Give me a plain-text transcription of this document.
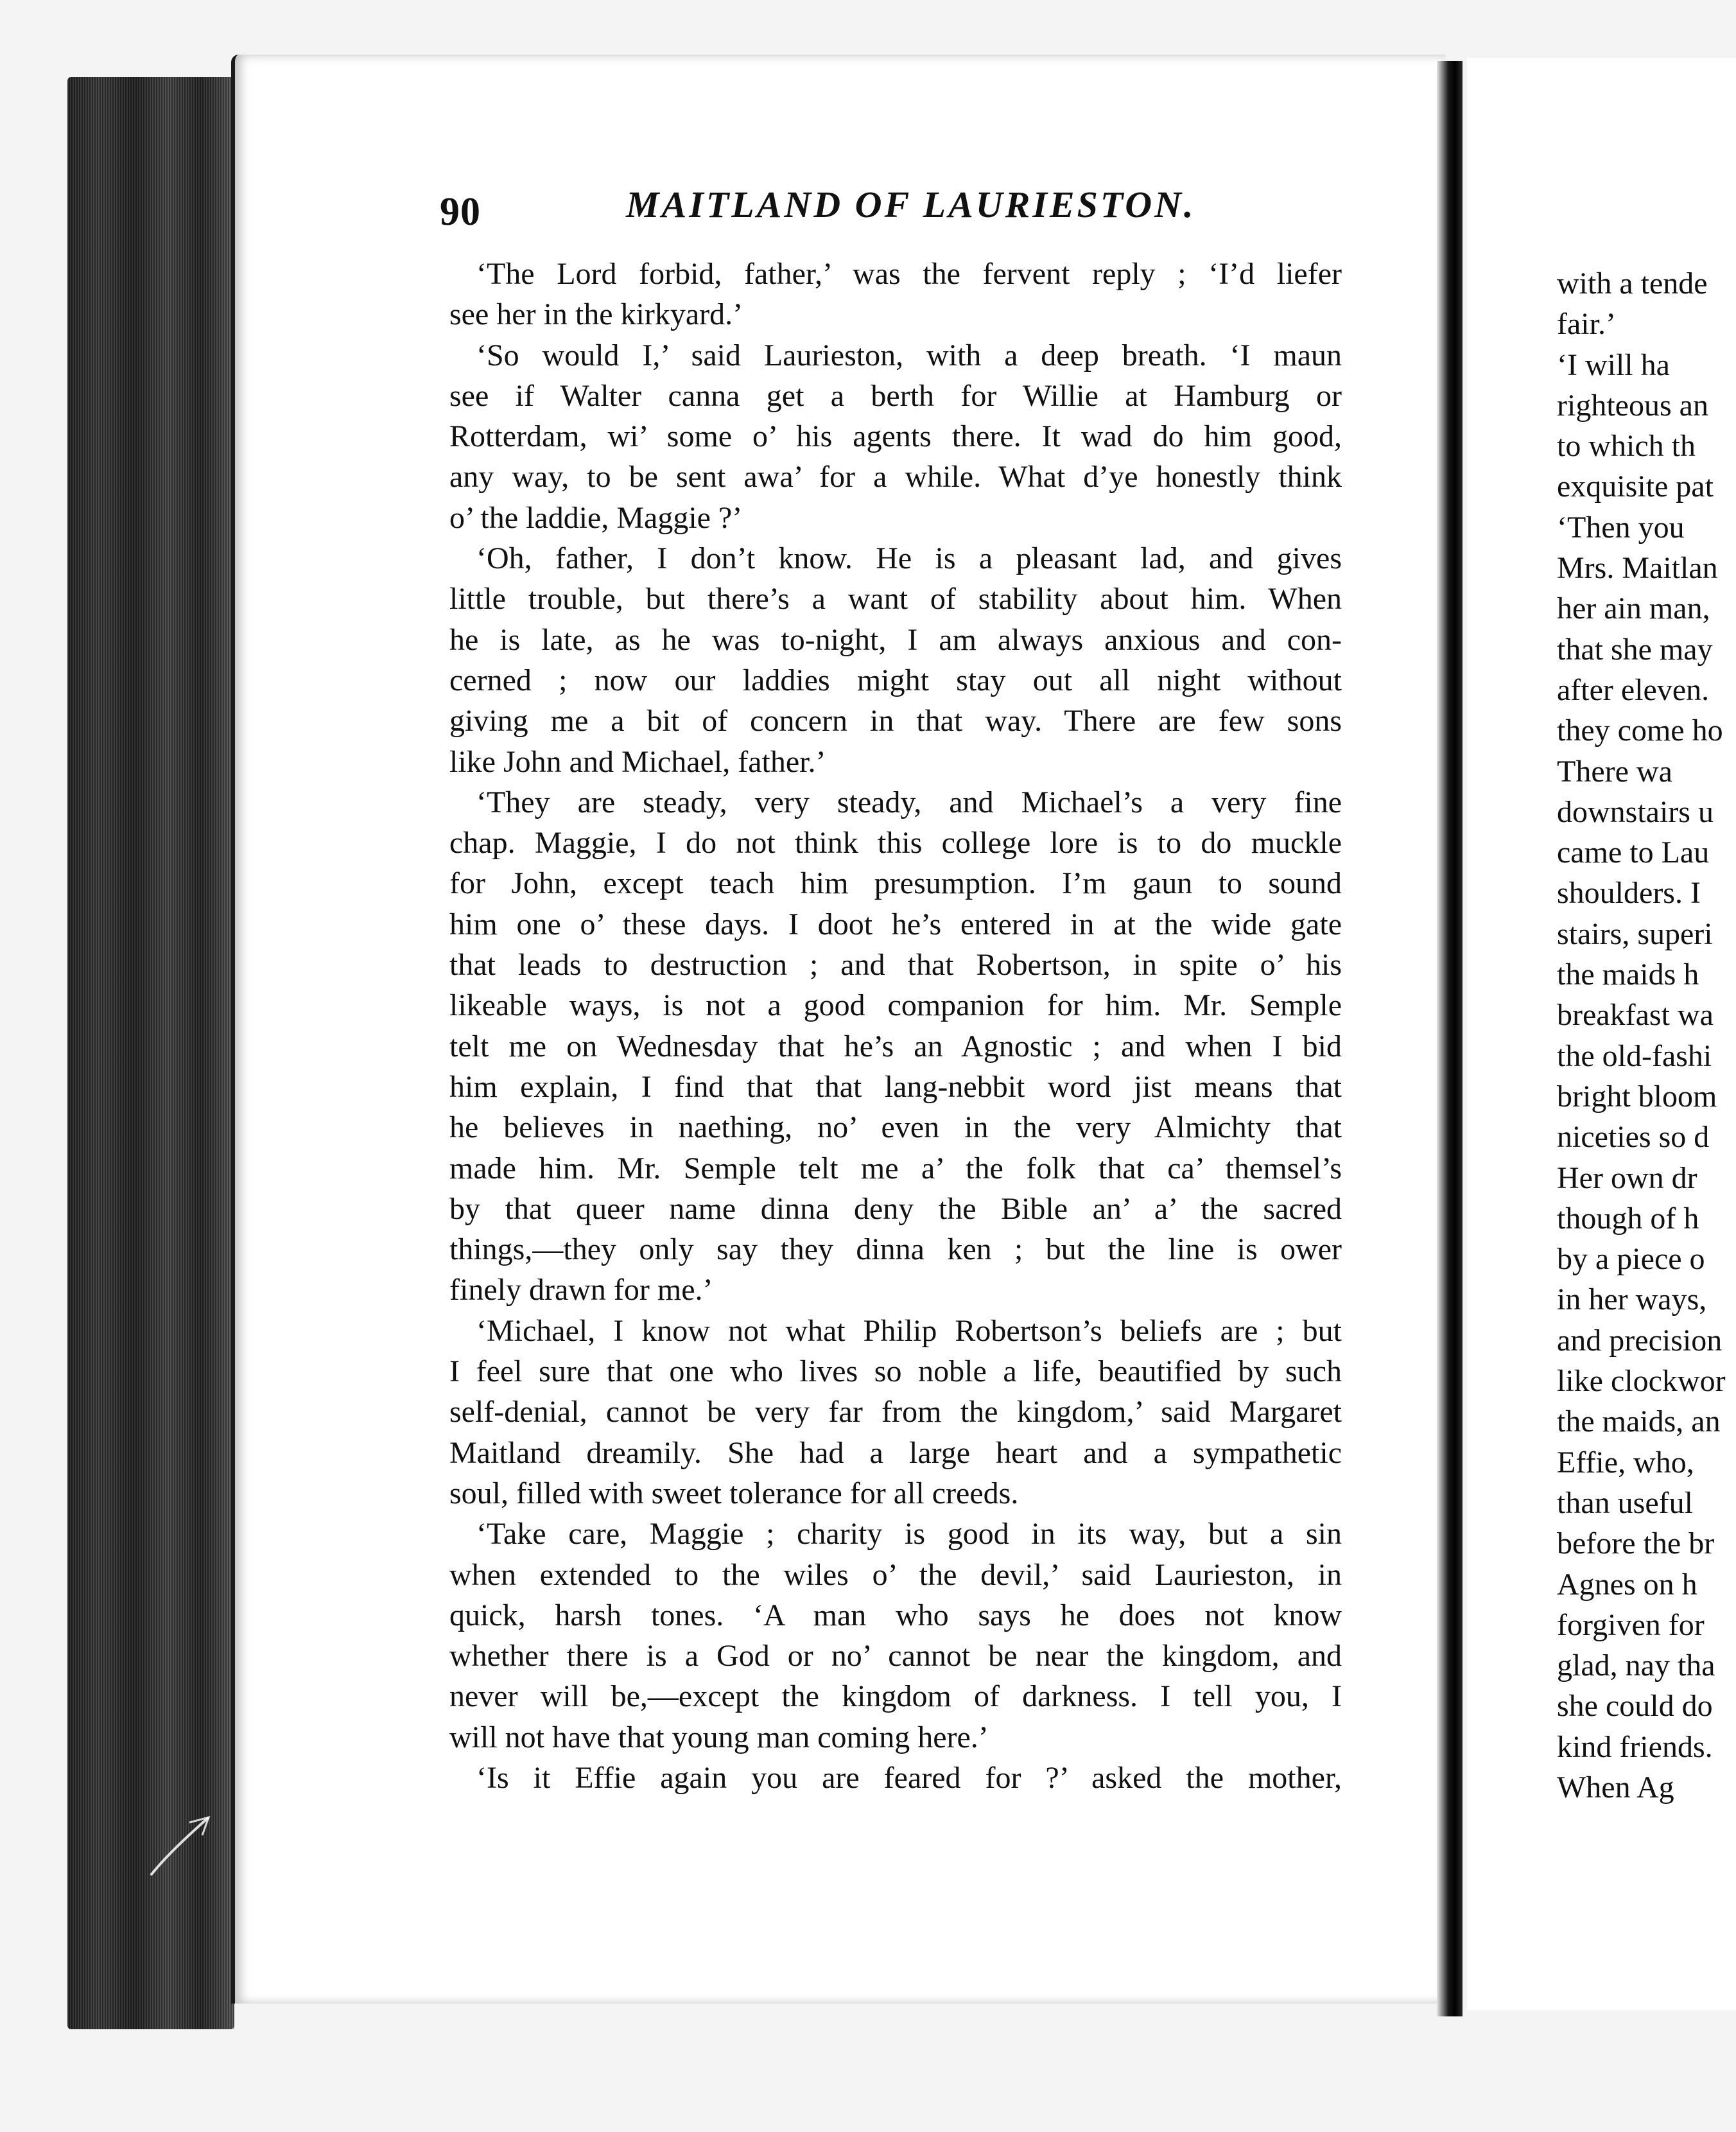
90	MAITLAND OF LAURIESTON.
‘The Lord forbid, father,’ was the fervent reply ; ‘I’d liefer
see her in the kirkyard.’
‘So would I,’ said Laurieston, with a deep breath. ‘I maun
see if Walter canna get a berth for Willie at Hamburg or
Rotterdam, wi’ some o’ his agents there. It wad do him good,
any way, to be sent awa’ for a while. What d’ye honestly think
o’ the laddie, Maggie ?’
‘Oh, father, I don’t know. He is a pleasant lad, and gives
little trouble, but there’s a want of stability about him. When
he is late, as he was to-night, I am always anxious and con-
cerned ; now our laddies might stay out all night without
giving me a bit of concern in that way. There are few sons
like John and Michael, father.’
‘They are steady, very steady, and Michael’s a very fine
chap. Maggie, I do not think this college lore is to do muckle
for John, except teach him presumption. I’m gaun to sound
him one o’ these days. I doot he’s entered in at the wide gate
that leads to destruction ; and that Robertson, in spite o’ his
likeable ways, is not a good companion for him. Mr. Semple
telt me on Wednesday that he’s an Agnostic ; and when I bid
him explain, I find that that lang-nebbit word jist means that
he believes in naething, no’ even in the very Almichty that
made him. Mr. Semple telt me a’ the folk that ca’ themsel’s
by that queer name dinna deny the Bible an’ a’ the sacred
things,—they only say they dinna ken ; but the line is ower
finely drawn for me.’
‘Michael, I know not what Philip Robertson’s beliefs are ; but
I feel sure that one who lives so noble a life, beautified by such
self-denial, cannot be very far from the kingdom,’ said Margaret
Maitland dreamily. She had a large heart and a sympathetic
soul, filled with sweet tolerance for all creeds.
‘Take care, Maggie ; charity is good in its way, but a sin
when extended to the wiles o’ the devil,’ said Laurieston, in
quick, harsh tones. ‘A man who says he does not know
whether there is a God or no’ cannot be near the kingdom, and
never will be,—except the kingdom of darkness. I tell you, I
will not have that young man coming here.’
‘Is it Effie again you are feared for ?’ asked the mother,
with a tende
fair.’
‘I will ha
righteous an
to which th
exquisite pat
‘Then you
Mrs. Maitlan
her ain man,
that she may
after eleven.
they come ho
There wa
downstairs u
came to Lau
shoulders. I
stairs, superi
the maids h
breakfast wa
the old-fashi
bright bloom
niceties so d
Her own dr
though of h
by a piece o
in her ways,
and precision
like clockwor
the maids, an
Effie, who,
than useful
before the br
Agnes on h
forgiven for
glad, nay tha
she could do
kind friends.
When Ag
